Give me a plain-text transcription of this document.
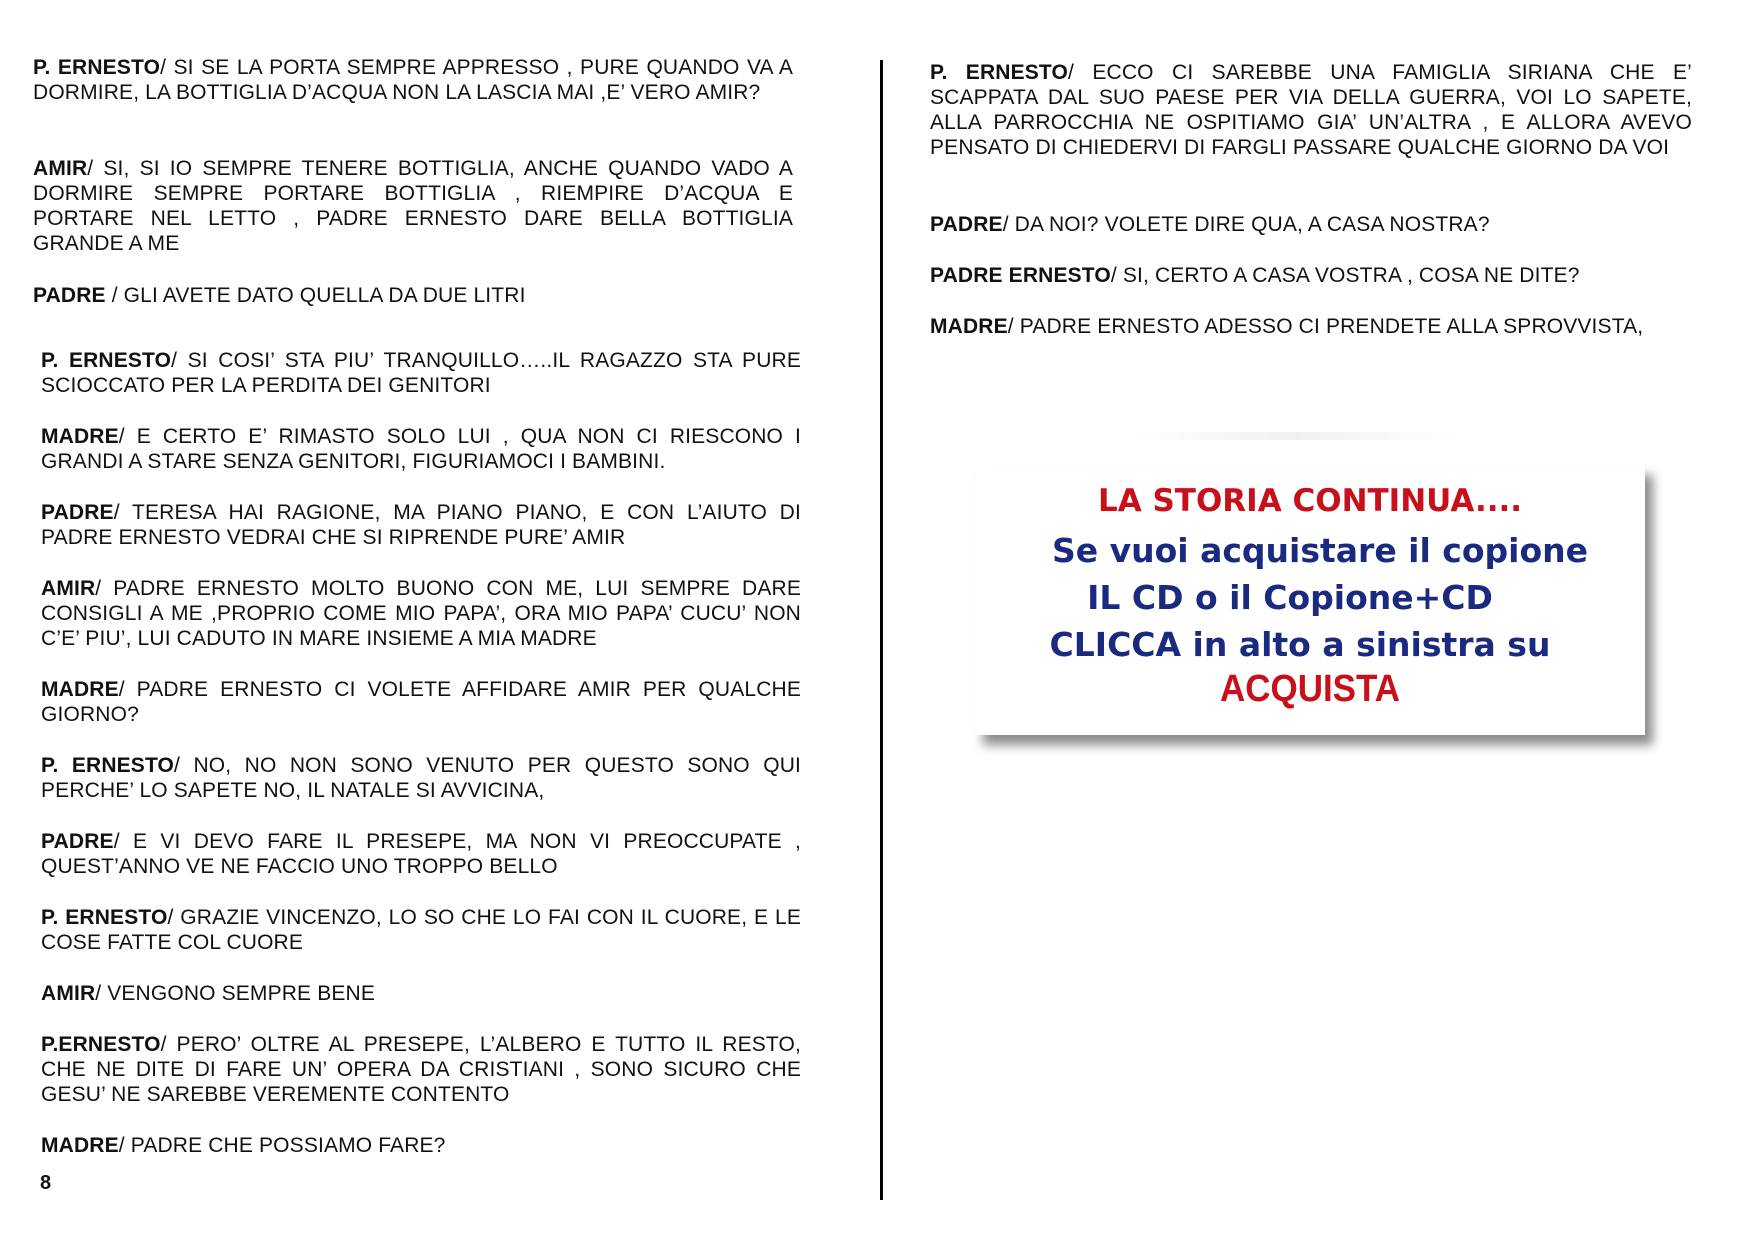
P. ERNESTO/ SI SE LA PORTA SEMPRE APPRESSO , PURE QUANDO VA A DORMIRE, LA BOTTIGLIA D’ACQUA NON LA LASCIA MAI ,E’ VERO AMIR?

AMIR/ SI, SI IO SEMPRE TENERE BOTTIGLIA, ANCHE QUANDO VADO A DORMIRE SEMPRE PORTARE BOTTIGLIA , RIEMPIRE D’ACQUA E PORTARE NEL LETTO , PADRE ERNESTO DARE BELLA BOTTIGLIA GRANDE A ME

PADRE / GLI AVETE DATO QUELLA DA DUE LITRI

P. ERNESTO/ SI COSI’ STA PIU’ TRANQUILLO…..IL RAGAZZO STA PURE SCIOCCATO PER LA PERDITA DEI GENITORI

MADRE/ E CERTO E’ RIMASTO SOLO LUI , QUA NON CI RIESCONO I GRANDI A STARE SENZA GENITORI, FIGURIAMOCI I BAMBINI.

PADRE/ TERESA HAI RAGIONE, MA PIANO PIANO, E CON L’AIUTO DI PADRE ERNESTO VEDRAI CHE SI RIPRENDE PURE’ AMIR

AMIR/ PADRE ERNESTO MOLTO BUONO CON ME, LUI SEMPRE DARE CONSIGLI A ME ,PROPRIO COME MIO PAPA’, ORA MIO PAPA’ CUCU’ NON C’E’ PIU’, LUI CADUTO IN MARE INSIEME A MIA MADRE

MADRE/ PADRE ERNESTO CI VOLETE AFFIDARE AMIR PER QUALCHE GIORNO?

P. ERNESTO/ NO, NO NON SONO VENUTO PER QUESTO SONO QUI PERCHE’ LO SAPETE NO, IL NATALE SI AVVICINA,

PADRE/ E VI DEVO FARE IL PRESEPE, MA NON VI PREOCCUPATE , QUEST’ANNO VE NE FACCIO UNO TROPPO BELLO

P. ERNESTO/ GRAZIE VINCENZO, LO SO CHE LO FAI CON IL CUORE, E LE COSE FATTE COL CUORE

AMIR/ VENGONO SEMPRE BENE

P.ERNESTO/ PERO’ OLTRE AL PRESEPE, L’ALBERO E TUTTO IL RESTO, CHE NE DITE DI FARE UN’ OPERA DA CRISTIANI , SONO SICURO CHE GESU’ NE SAREBBE VEREMENTE CONTENTO

MADRE/ PADRE CHE POSSIAMO FARE?

8

P. ERNESTO/ ECCO CI SAREBBE UNA FAMIGLIA SIRIANA CHE E’ SCAPPATA DAL SUO PAESE PER VIA DELLA GUERRA, VOI LO SAPETE, ALLA PARROCCHIA NE OSPITIAMO GIA’ UN’ALTRA , E ALLORA AVEVO PENSATO DI CHIEDERVI DI FARGLI PASSARE QUALCHE GIORNO DA VOI

PADRE/ DA NOI? VOLETE DIRE QUA, A CASA NOSTRA?

PADRE ERNESTO/ SI, CERTO A CASA VOSTRA , COSA NE DITE?

MADRE/ PADRE ERNESTO ADESSO CI PRENDETE ALLA SPROVVISTA,

LA STORIA CONTINUA....
Se vuoi acquistare il copione
IL CD o il Copione+CD
CLICCA in alto a sinistra su
ACQUISTA
